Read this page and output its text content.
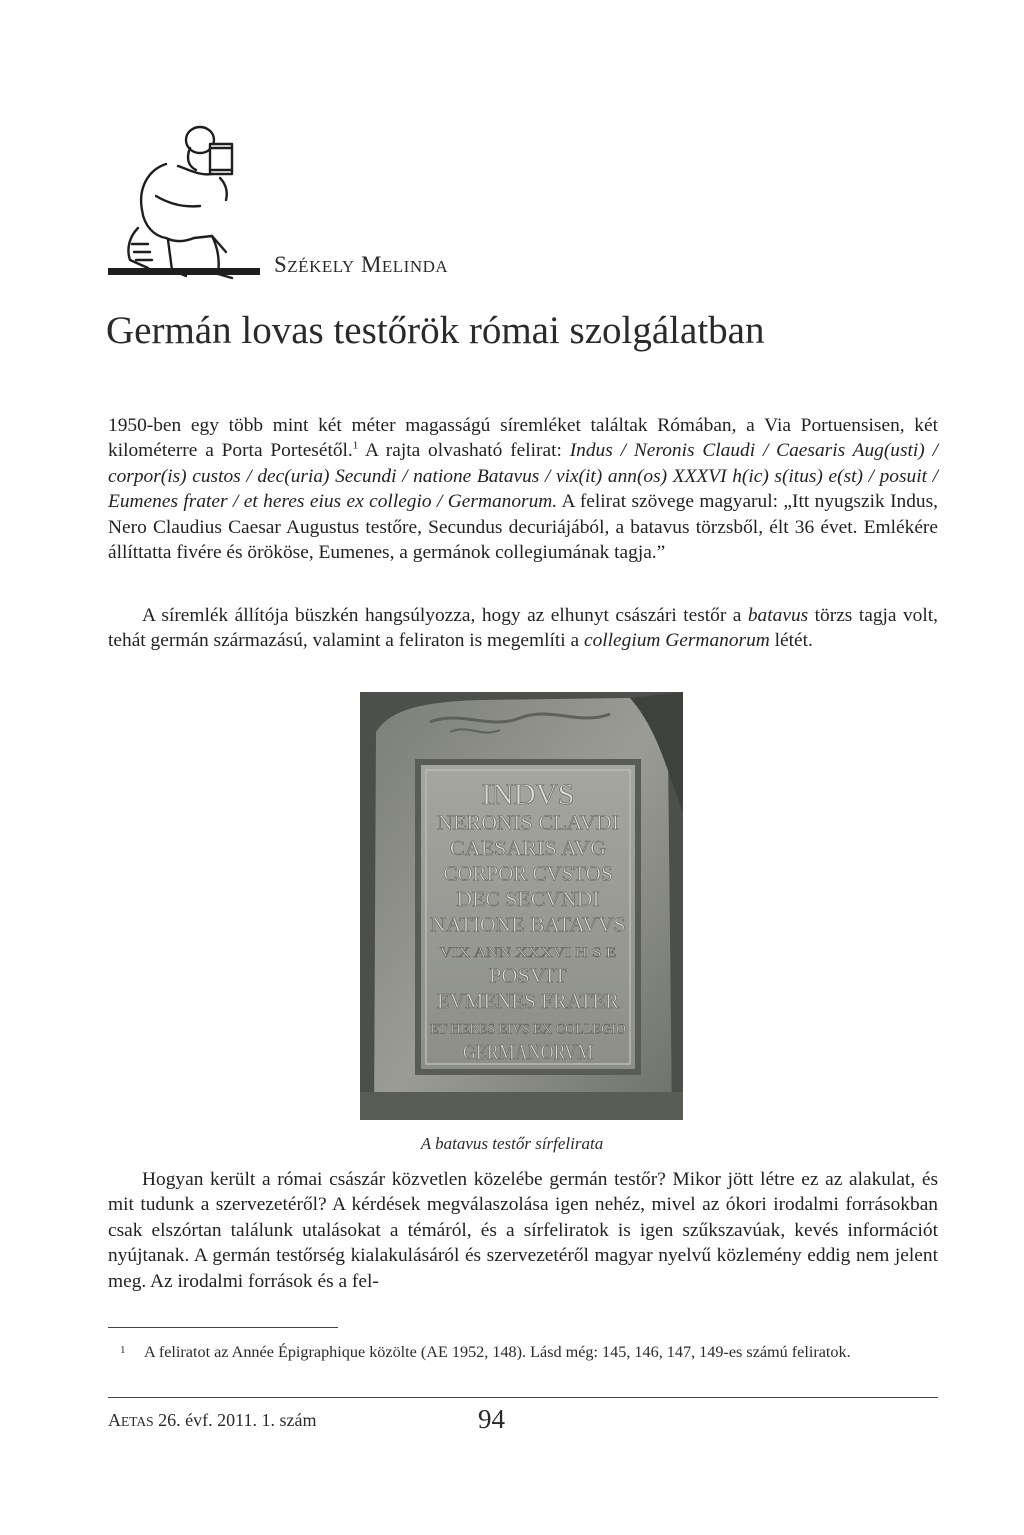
SZÉKELY MELINDA
Germán lovas testőrök római szolgálatban

1950-ben egy több mint két méter magasságú síremléket találtak Rómában, a Via Portuensisen, két kilométerre a Porta Portesétől.$^1$ A rajta olvasható felirat: Indus / Neronis Claudi / Caesaris Aug(usti) / corpor(is) custos / dec(uria) Secundi / natione Batavus / vix(it) ann(os) XXXVI h(ic) s(itus) e(st) / posuit / Eumenes frater / et heres eius ex collegio / Germanorum. A felirat szövege magyarul: „Itt nyugszik Indus, Nero Claudius Caesar Augustus testőre, Secundus decuriájából, a batavus törzsből, élt 36 évet. Emlékére állíttatta fivére és örököse, Eumenes, a germánok collegiumának tagja.”

A síremlék állítója büszkén hangsúlyozza, hogy az elhunyt császári testőr a batavus törzs tagja volt, tehát germán származású, valamint a feliraton is megemlíti a collegium Germanorum létét.

INDVS
NERONIS CLAVDI
CAESARIS AVG
CORPOR CVSTOS
DEC SECVNDI
NATIONE BATAVVS
VIX ANN XXXVI H S E
POSVIT
EVMENES FRATER
ET HERES EIVS EX COLLEGIO
GERMANORVM
A batavus testőr sírfelirata

Hogyan került a római császár közvetlen közelébe germán testőr? Mikor jött létre ez az alakulat, és mit tudunk a szervezetéről? A kérdések megválaszolása igen nehéz, mivel az ókori irodalmi forrásokban csak elszórtan találunk utalásokat a témáról, és a sírfeliratok is igen szűkszavúak, kevés információt nyújtanak. A germán testőrség kialakulásáról és szervezetéről magyar nyelvű közlemény eddig nem jelent meg. Az irodalmi források és a fel-

1	A feliratot az Année Épigraphique közölte (AE 1952, 148). Lásd még: 145, 146, 147, 149-es számú feliratok.
AETAS 26. évf. 2011. 1. szám	94
